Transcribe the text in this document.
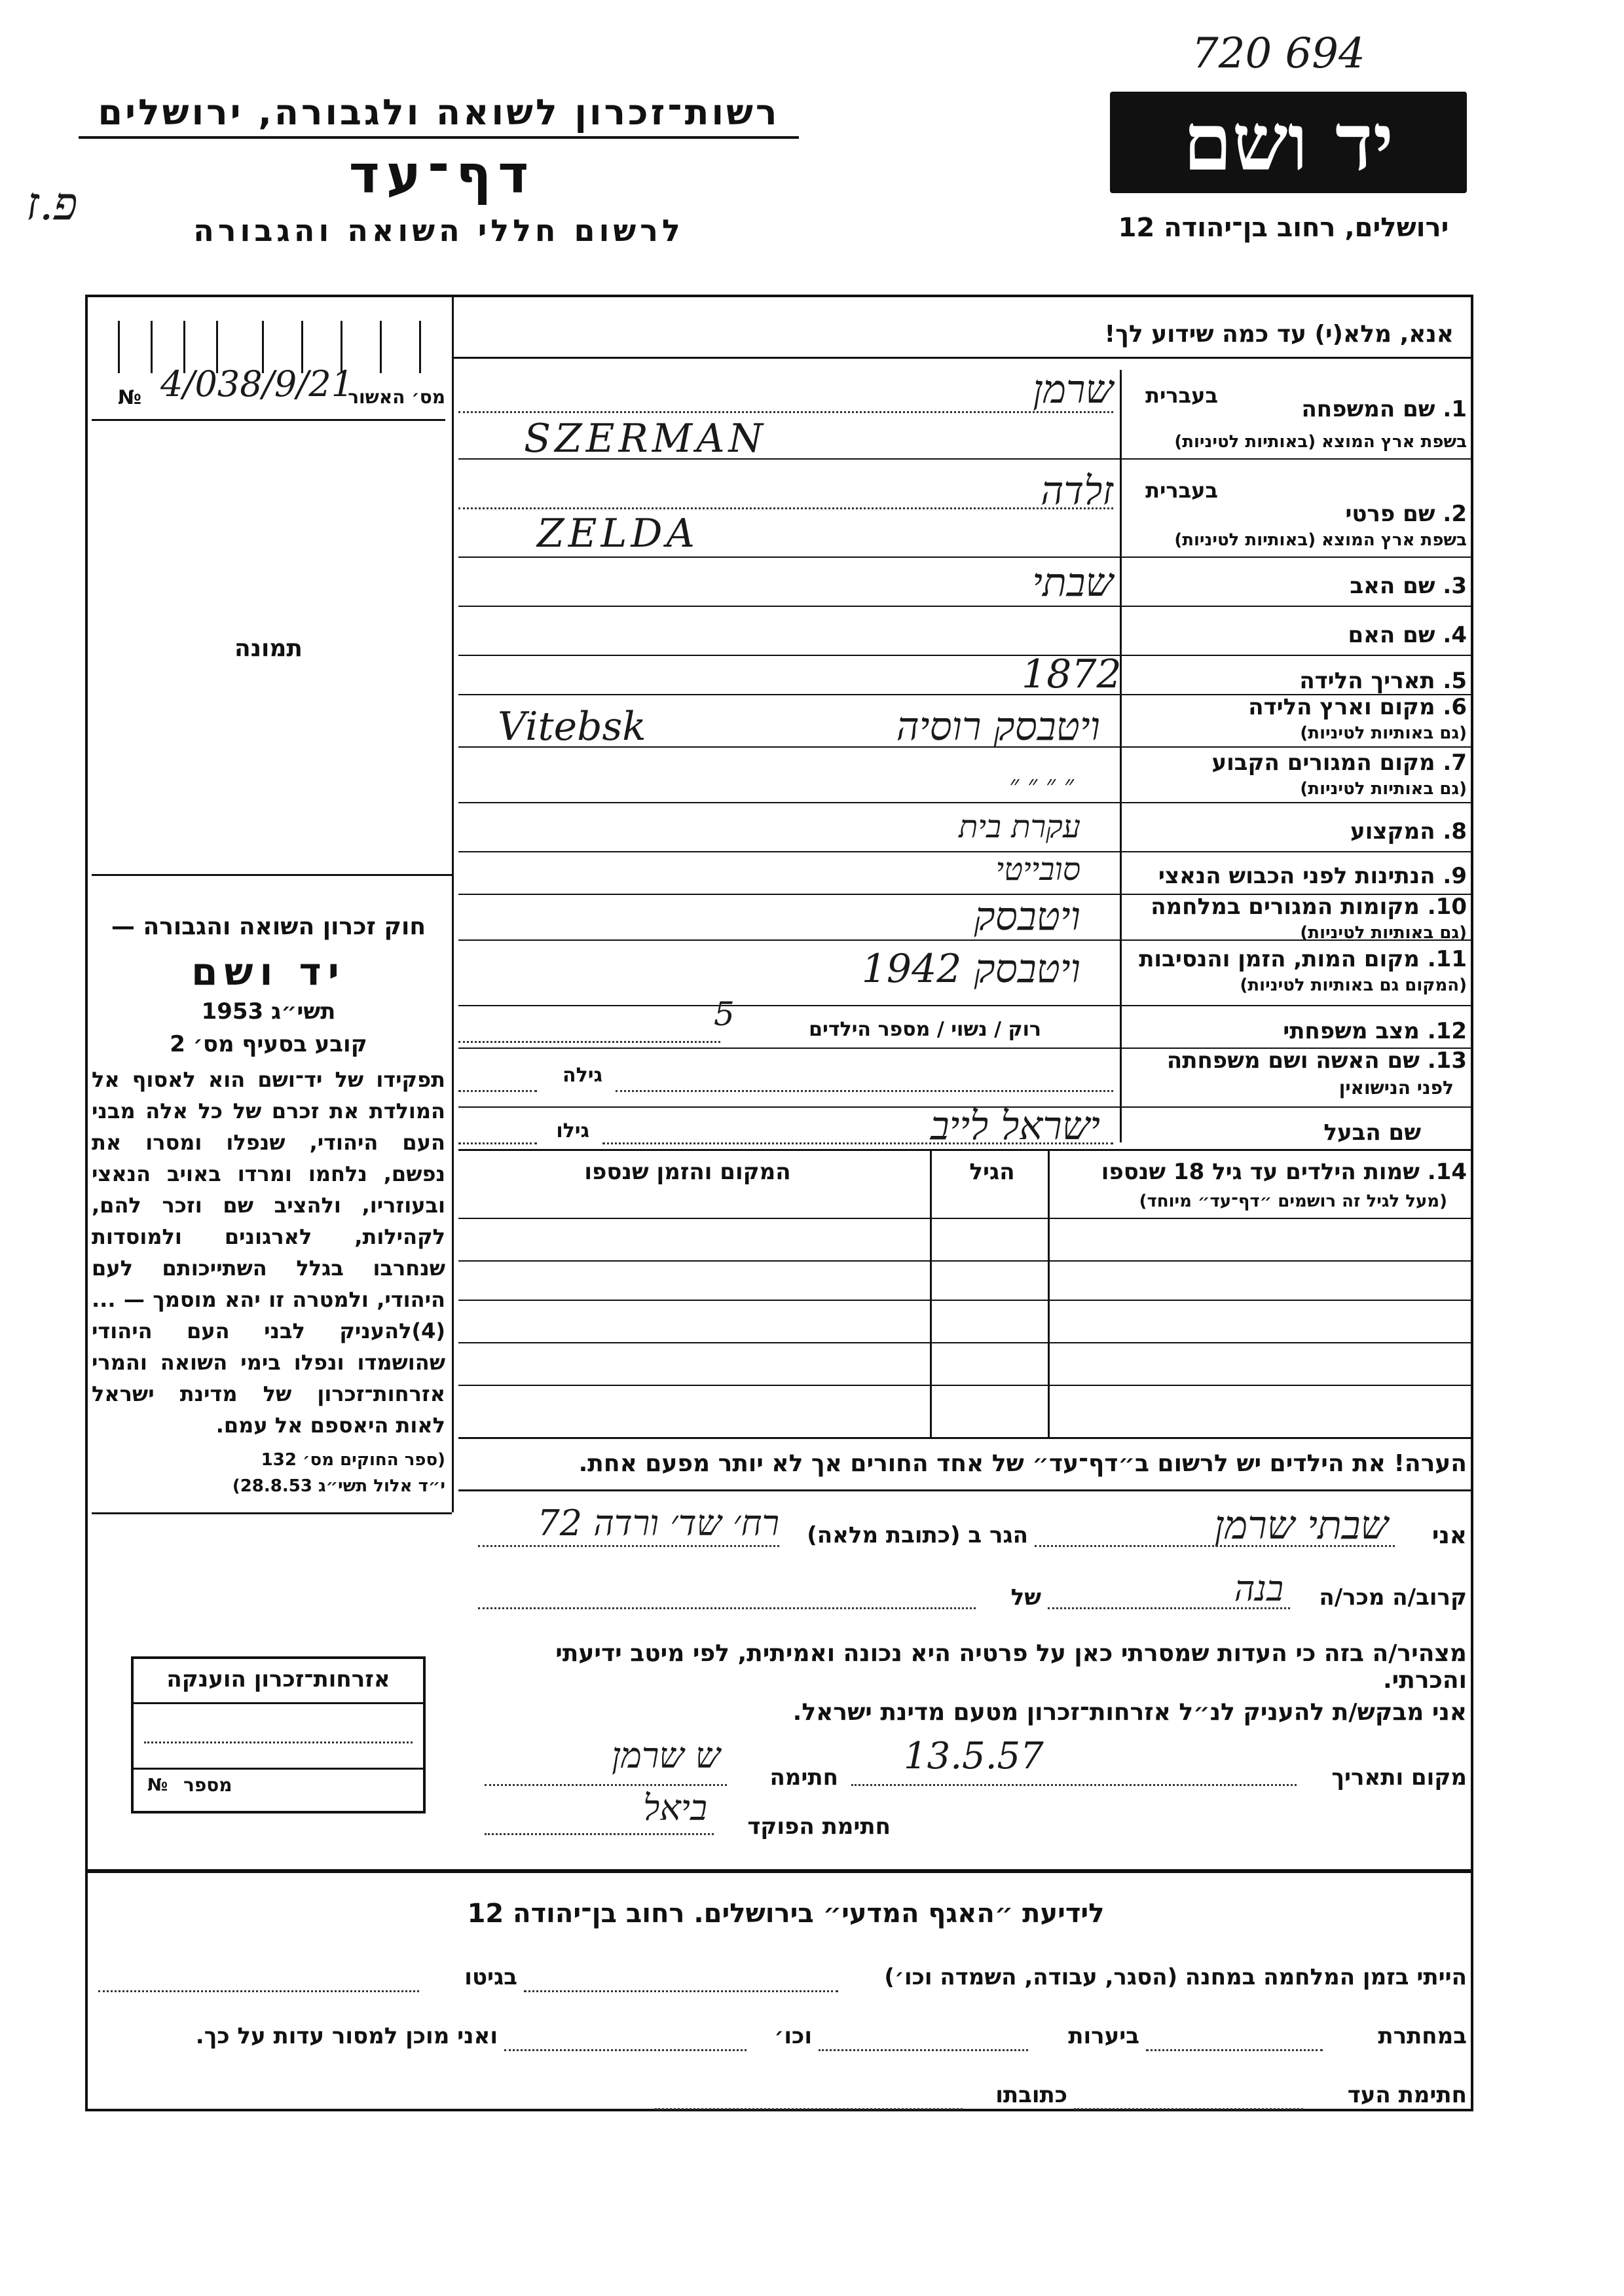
720 694
יד ושם
ירושלים, רחוב בן־יהודה 12
רשות־זכרון לשואה ולגבורה, ירושלים
דף־עד
לרשום חללי השואה והגבורה
פ.ז
אנא, מלא(י) עד כמה שידוע לך!
מס׳ האשור
№ 4/038/9/21
תמונה
חוק זכרון השואה והגבורה —
יד ושם
תשי״ג 1953
קובע בסעיף מס׳ 2
תפקידו של יד־ושם הוא לאסוף אל המולדת את זכרם של כל אלה מבני העם היהודי, שנפלו ומסרו את נפשם, נלחמו ומרדו באויב הנאצי ובעוזריו, ולהציב שם וזכר להם, לקהילות, לארגונים ולמוסדות שנחרבו בגלל השתייכותם לעם היהודי, ולמטרה זו יהא מוסמך — ...(4)להעניק לבני העם היהודי שהושמדו ונפלו בימי השואה והמרי אזרחות־זכרון של מדינת ישראל לאות היאספם אל עמם.
(ספר החוקים מס׳ 132
י״ד אלול תשי״ג 28.8.53)
אזרחות־זכרון הוענקה
מספר
№
1. שם המשפחה
בעברית
בשפת ארץ המוצא (באותיות לטיניות)
שרמן
SZERMAN
2. שם פרטי
בעברית
בשפת ארץ המוצא (באותיות לטיניות)
זלדה
ZELDA
3. שם האב
שבתי
4. שם האם
5. תאריך הלידה
1872
6. מקום וארץ הלידה
(גם באותיות לטיניות)
Vitebsk	ויטבסק רוסיה
7. מקום המגורים הקבוע
(גם באותיות לטיניות)
״ ״ ״ ״
8. המקצוע
עקרת בית
9. הנתינות לפני הכבוש הנאצי
סובייטי
10. מקומות המגורים במלחמה
(גם באותיות לטיניות)
ויטבסק
11. מקום המות, הזמן והנסיבות
(המקום גם באותיות לטיניות)
ויטבסק 1942
12. מצב משפחתי
רוק / נשוי / מספר הילדים
5
13. שם האשה ושם משפחתה
לפני הנישואין
גילה
שם הבעל
ישראל לייב
גילו
14. שמות הילדים עד גיל 18 שנספו
(מעל לגיל זה רושמים ״דף־עד״ מיוחד)
הגיל
המקום והזמן שנספו
הערה! את הילדים יש לרשום ב״דף־עד״ של אחד החורים אך לא יותר מפעם אחת.
אני
שבתי שרמן
הגר ב (כתובת מלאה)
רח׳ שד׳ ורדה 72
קרוב/ה מכר/ה
בנה
של
מצהיר/ה בזה כי העדות שמסרתי כאן על פרטיה היא נכונה ואמיתית, לפי מיטב ידיעתי והכרתי.
אני מבקש/ת להעניק לנ״ל אזרחות־זכרון מטעם מדינת ישראל.
מקום ותאריך
13.5.57
חתימה
ש שרמן
חתימת הפוקד
ביאל
לידיעת ״האגף המדעי״ בירושלים. רחוב בן־יהודה 12
הייתי בזמן המלחמה במחנה (הסגר, עבודה, השמדה וכו׳)
בגיטו
במחתרת
ביערות
וכו׳
ואני מוכן למסור עדות על כך.
חתימת העד
כתובתו
